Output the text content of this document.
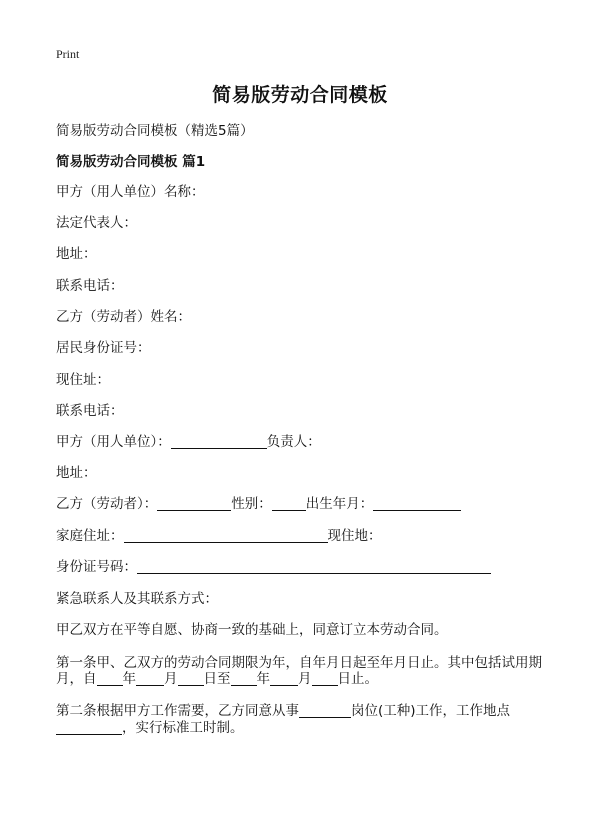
Print
简易版劳动合同模板
简易版劳动合同模板（精选5篇）
简易版劳动合同模板 篇1
甲方（用人单位）名称：
法定代表人：
地址：
联系电话：
乙方（劳动者）姓名：
居民身份证号：
现住址：
联系电话：
甲方（用人单位）：	负责人：
地址：
乙方（劳动者）：	性别：	出生年月：
家庭住址：	现住地：
身份证号码：
紧急联系人及其联系方式：
甲乙双方在平等自愿、协商一致的基础上，同意订立本劳动合同。
第一条甲、乙双方的劳动合同期限为年，自年月日起至年月日止。其中包括试用期
月，自 年 月 日至 年 月 日止。
第二条根据甲方工作需要，乙方同意从事	岗位(工种)工作，工作地点
，实行标准工时制。
